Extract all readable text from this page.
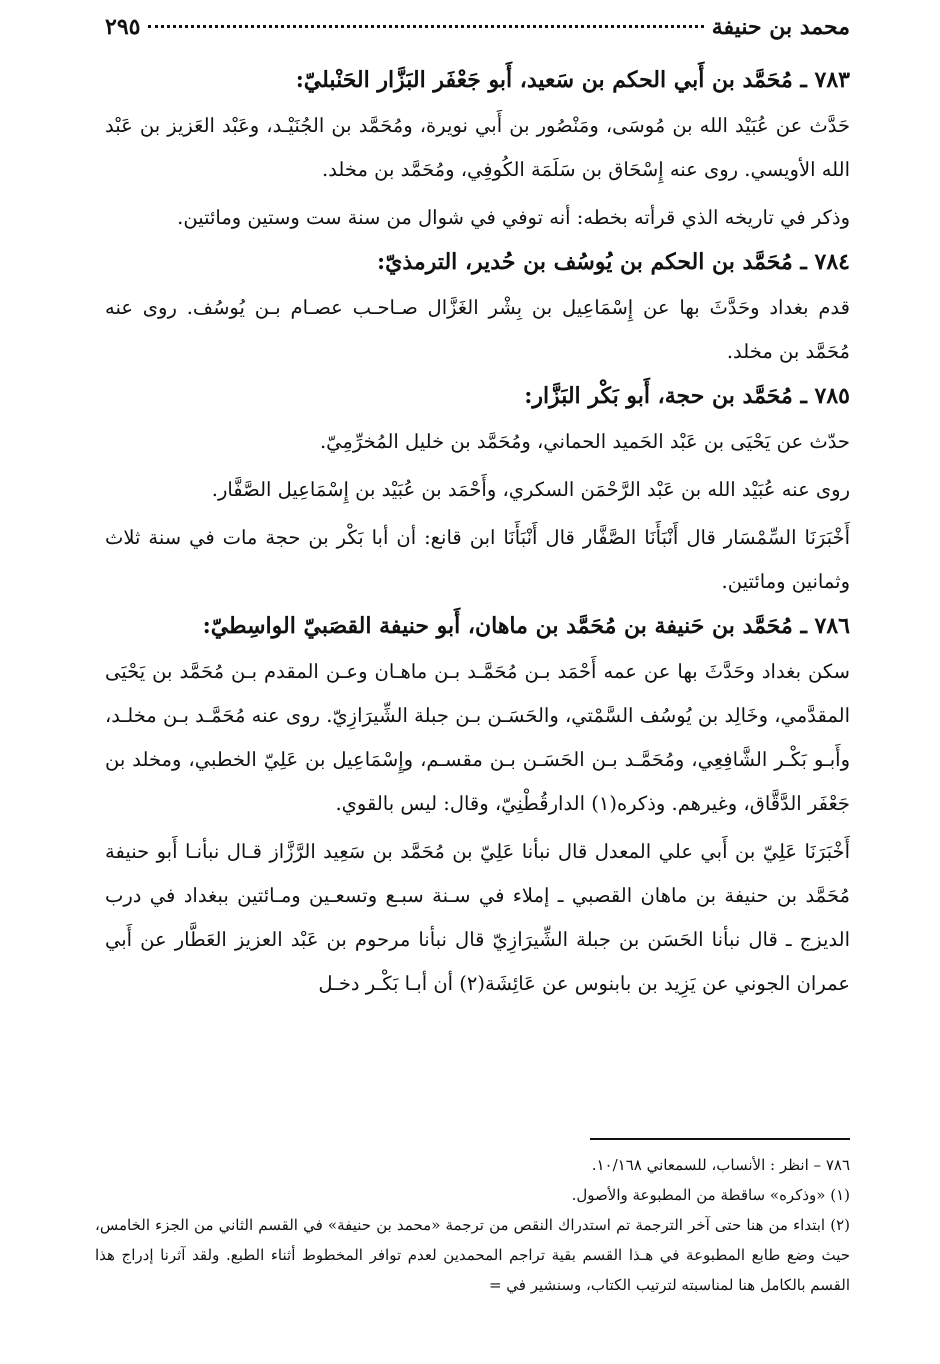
محمد بن حنيفة
٢٩٥
٧٨٣ ـ مُحَمَّد بن أَبي الحكم بن سَعيد، أَبو جَعْفَر البَزَّار الحَنْبليّ:

حَدَّث عن عُبَيْد الله بن مُوسَى، ومَنْصُور بن أَبي نويرة، ومُحَمَّد بن الجُنَيْـد، وعَبْد العَزيز بن عَبْد الله الأويسي. روى عنه إِسْحَاق بن سَلَمَة الكُوفِي، ومُحَمَّد بن مخلد.

وذكر في تاريخه الذي قرأته بخطه: أنه توفي في شوال من سنة ست وستين ومائتين.

٧٨٤ ـ مُحَمَّد بن الحكم بن يُوسُف بن حُدير، الترمذيّ:

قدم بغداد وحَدَّثَ بها عن إِسْمَاعِيل بن بِشْر الغَزَّال صـاحـب عصـام بـن يُوسُف. روى عنه مُحَمَّد بن مخلد.

٧٨٥ ـ مُحَمَّد بن حجة، أَبو بَكْر البَزَّار:

حدّث عن يَحْيَى بن عَبْد الحَميد الحماني، ومُحَمَّد بن خليل المُخرِّمِيّ.

روى عنه عُبَيْد الله بن عَبْد الرَّحْمَن السكري، وأَحْمَد بن عُبَيْد بن إِسْمَاعِيل الصَّفَّار.

أَخْبَرَنَا السِّمْسَار قال أَنْبَأَنَا الصَّفَّار قال أَنْبَأَنَا ابن قانع: أن أبا بَكْر بن حجة مات في سنة ثلاث وثمانين ومائتين.

٧٨٦ ـ مُحَمَّد بن حَنيفة بن مُحَمَّد بن ماهان، أَبو حنيفة القصَبيّ الواسِطيّ:

سكن بغداد وحَدَّثَ بها عن عمه أَحْمَد بـن مُحَمَّـد بـن ماهـان وعـن المقدم بـن مُحَمَّد بن يَحْيَى المقدَّمي، وخَالِد بن يُوسُف السَّمْتي، والحَسَـن بـن جبلة الشِّيرَازِيّ. روى عنه مُحَمَّـد بـن مخلـد، وأَبـو بَكْـر الشَّافِعِي، ومُحَمَّـد بـن الحَسَـن بـن مقسـم، وإِسْمَاعِيل بن عَلِيّ الخطبي، ومخلد بن جَعْفَر الدَّقَّاق، وغيرهم. وذكره(١) الدارقُطْنِيّ، وقال: ليس بالقوي.

أَخْبَرَنَا عَلِيّ بن أَبي علي المعدل قال نبأنا عَلِيّ بن مُحَمَّد بن سَعِيد الرَّزَّاز قـال نبأنـا أَبو حنيفة مُحَمَّد بن حنيفة بن ماهان القصبي ـ إملاء في سـنة سبـع وتسعـين ومـائتين ببغداد في درب الديزج ـ قال نبأنا الحَسَن بن جبلة الشِّيرَازِيّ قال نبأنا مرحوم بن عَبْد العزيز العَطَّار عن أَبي عمران الجوني عن يَزِيد بن بابنوس عن عَائِشَة(٢) أن أبـا بَكْـر دخـل

٧٨٦ – انظر : الأنساب، للسمعاني ١٠/١٦٨.

(١) «وذكره» ساقطة من المطبوعة والأصول.

(٢) ابتداء من هنا حتى آخر الترجمة تم استدراك النقص من ترجمة «محمد بن حنيفة» في القسم الثاني من الجزء الخامس، حيث وضع طابع المطبوعة في هـذا القسم بقية تراجم المحمدين لعدم توافر المخطوط أثناء الطبع. ولقد آثرنا إدراج هذا القسم بالكامل هنا لمناسبته لترتيب الكتاب، وسنشير في =
